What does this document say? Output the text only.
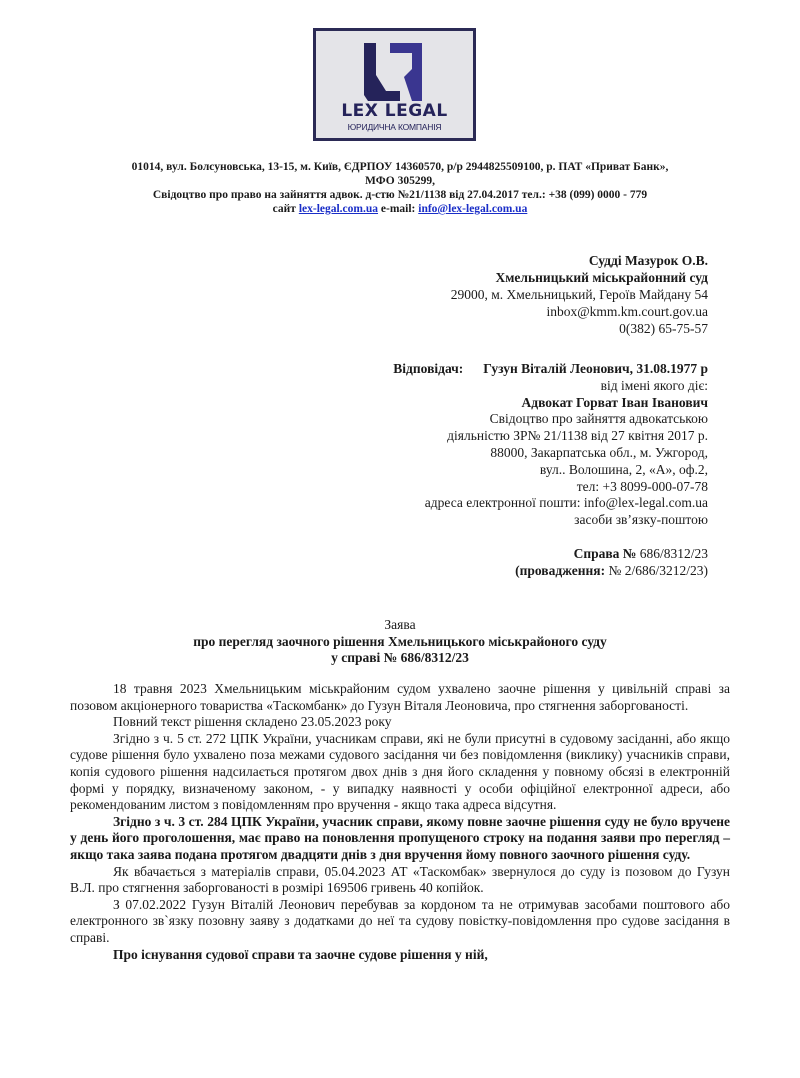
LEX LEGAL
ЮРИДИЧНА КОМПАНІЯ
01014, вул. Болсуновська, 13-15, м. Київ, ЄДРПОУ 14360570, р/р 2944825509100, р. ПАТ «Приват Банк»,
МФО 305299,
Свідоцтво про право на зайняття адвок. д-стю №21/1138 від 27.04.2017 тел.: +38 (099) 0000 - 779
сайт lex-legal.com.ua e-mail: info@lex-legal.com.ua
Судді Мазурок О.В.
Хмельницький міськрайонний суд
29000, м. Хмельницький, Героїв Майдану 54
inbox@kmm.km.court.gov.ua
0(382) 65-75-57
Відповідач: Гузун Віталій Леонович, 31.08.1977 р
від імені якого діє:
Адвокат Горват Іван Іванович
Свідоцтво про зайняття адвокатською
діяльністю ЗР№ 21/1138 від 27 квітня 2017 р.
88000, Закарпатська обл., м. Ужгород,
вул.. Волошина, 2, «А», оф.2,
тел: +3 8099-000-07-78
адреса електронної пошти: info@lex-legal.com.ua
засоби зв’язку-поштою
Справа № 686/8312/23
(провадження: № 2/686/3212/23)
Заява
про перегляд заочного рішення Хмельницького міськрайоного суду
у справі № 686/8312/23

18 травня 2023 Хмельницьким міськрайоним судом ухвалено заочне рішення у цивільній справі за позовом акціонерного товариства «Таскомбанк» до Гузун Віталя Леоновича, про стягнення заборгованості.

Повний текст рішення складено 23.05.2023 року

Згідно з ч. 5 ст. 272 ЦПК України, учасникам справи, які не були присутні в судовому засіданні, або якщо судове рішення було ухвалено поза межами судового засідання чи без повідомлення (виклику) учасників справи, копія судового рішення надсилається протягом двох днів з дня його складення у повному обсязі в електронній формі у порядку, визначеному законом, - у випадку наявності у особи офіційної електронної адреси, або рекомендованим листом з повідомленням про вручення - якщо така адреса відсутня.

Згідно з ч. 3 ст. 284 ЦПК України, учасник справи, якому повне заочне рішення суду не було вручене у день його проголошення, має право на поновлення пропущеного строку на подання заяви про перегляд – якщо така заява подана протягом двадцяти днів з дня вручення йому повного заочного рішення суду.

Як вбачається з матеріалів справи, 05.04.2023 АТ «Таскомбак» звернулося до суду із позовом до Гузун В.Л. про стягнення заборгованості в розмірі 169506 гривень 40 копійок.

З 07.02.2022 Гузун Віталій Леонович перебував за кордоном та не отримував засобами поштового або електронного зв`язку позовну заяву з додатками до неї та судову повістку-повідомлення про судове засідання в справі.

Про існування судової справи та заочне судове рішення у ній,
